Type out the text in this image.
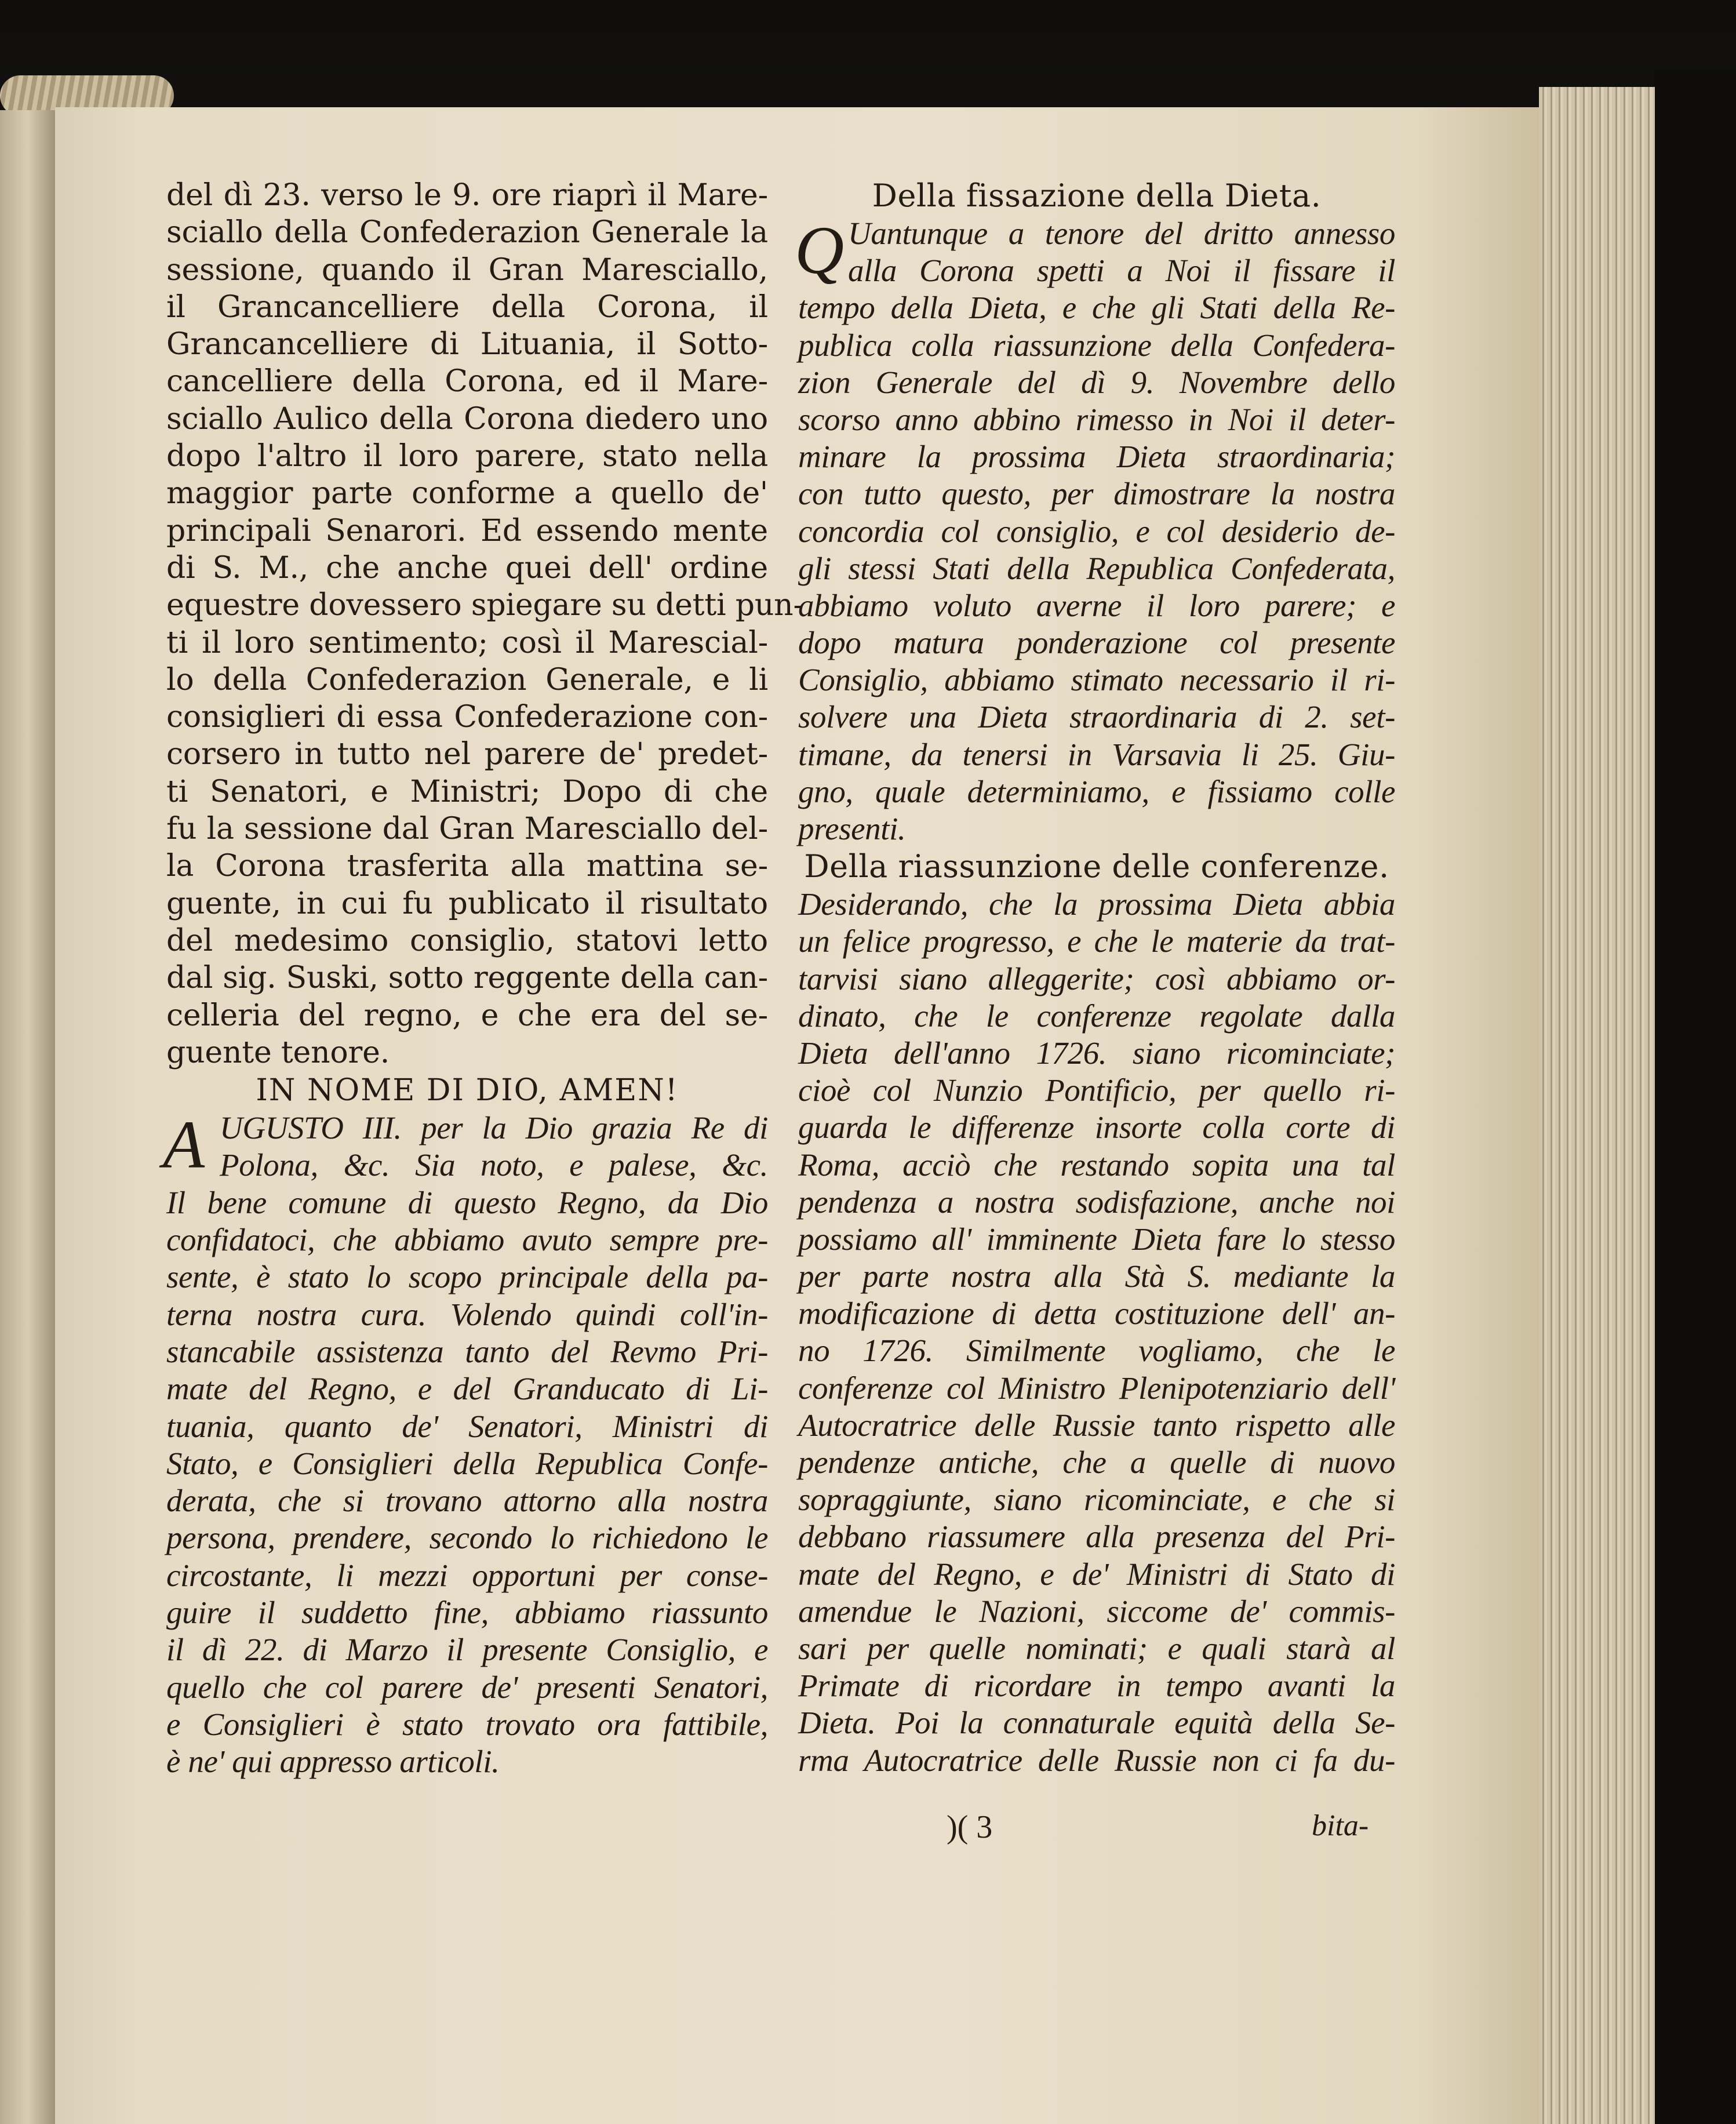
del dì 23. verso le 9. ore riaprì il Mare-
sciallo della Confederazion Generale la
sessione, quando il Gran Maresciallo,
il Grancancelliere della Corona, il
Grancancelliere di Lituania, il Sotto-
cancelliere della Corona, ed il Mare-
sciallo Aulico della Corona diedero uno
dopo l'altro il loro parere, stato nella
maggior parte conforme a quello de'
principali Senarori. Ed essendo mente
di S. M., che anche quei dell' ordine
equestre dovessero spiegare su detti pun-
ti il loro sentimento; così il Marescial-
lo della Confederazion Generale, e li
consiglieri di essa Confederazione con-
corsero in tutto nel parere de' predet-
ti Senatori, e Ministri; Dopo di che
fu la sessione dal Gran Maresciallo del-
la Corona trasferita alla mattina se-
guente, in cui fu publicato il risultato
del medesimo consiglio, statovi letto
dal sig. Suski, sotto reggente della can-
celleria del regno, e che era del se-
guente tenore.
IN NOME DI DIO, AMEN!
A UGUSTO III. per la Dio grazia Re di
Polona, &c. Sia noto, e palese, &c.
Il bene comune di questo Regno, da Dio
confidatoci, che abbiamo avuto sempre pre-
sente, è stato lo scopo principale della pa-
terna nostra cura. Volendo quindi coll'in-
stancabile assistenza tanto del Revmo Pri-
mate del Regno, e del Granducato di Li-
tuania, quanto de' Senatori, Ministri di
Stato, e Consiglieri della Republica Confe-
derata, che si trovano attorno alla nostra
persona, prendere, secondo lo richiedono le
circostante, li mezzi opportuni per conse-
guire il suddetto fine, abbiamo riassunto
il dì 22. di Marzo il presente Consiglio, e
quello che col parere de' presenti Senatori,
e Consiglieri è stato trovato ora fattibile,
è ne' qui appresso articoli.
Della fissazione della Dieta.
Q Uantunque a tenore del dritto annesso
alla Corona spetti a Noi il fissare il
tempo della Dieta, e che gli Stati della Re-
publica colla riassunzione della Confedera-
zion Generale del dì 9. Novembre dello
scorso anno abbino rimesso in Noi il deter-
minare la prossima Dieta straordinaria;
con tutto questo, per dimostrare la nostra
concordia col consiglio, e col desiderio de-
gli stessi Stati della Republica Confederata,
abbiamo voluto averne il loro parere; e
dopo matura ponderazione col presente
Consiglio, abbiamo stimato necessario il ri-
solvere una Dieta straordinaria di 2. set-
timane, da tenersi in Varsavia li 25. Giu-
gno, quale determiniamo, e fissiamo colle
presenti.
Della riassunzione delle conferenze.
Desiderando, che la prossima Dieta abbia
un felice progresso, e che le materie da trat-
tarvisi siano alleggerite; così abbiamo or-
dinato, che le conferenze regolate dalla
Dieta dell'anno 1726. siano ricominciate;
cioè col Nunzio Pontificio, per quello ri-
guarda le differenze insorte colla corte di
Roma, acciò che restando sopita una tal
pendenza a nostra sodisfazione, anche noi
possiamo all' imminente Dieta fare lo stesso
per parte nostra alla Stà S. mediante la
modificazione di detta costituzione dell' an-
no 1726. Similmente vogliamo, che le
conferenze col Ministro Plenipotenziario dell'
Autocratrice delle Russie tanto rispetto alle
pendenze antiche, che a quelle di nuovo
sopraggiunte, siano ricominciate, e che si
debbano riassumere alla presenza del Pri-
mate del Regno, e de' Ministri di Stato di
amendue le Nazioni, siccome de' commis-
sari per quelle nominati; e quali starà al
Primate di ricordare in tempo avanti la
Dieta. Poi la connaturale equità della Se-
rma Autocratrice delle Russie non ci fa du-
)( 3	bita-
